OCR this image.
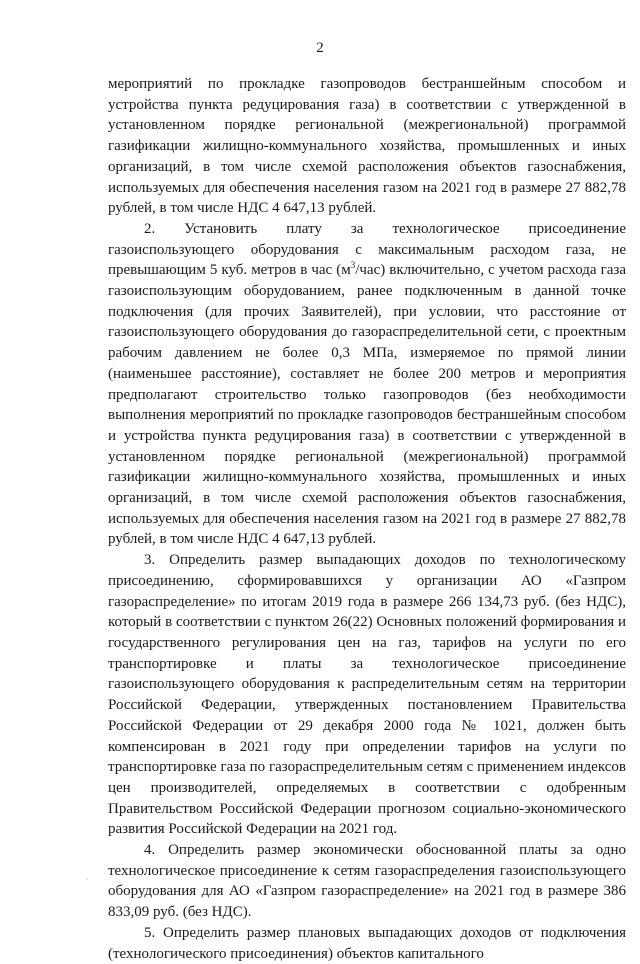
2

мероприятий по прокладке газопроводов бестраншейным способом и устройства пункта редуцирования газа) в соответствии с утвержденной в установленном порядке региональной (межрегиональной) программой газификации жилищно-коммунального хозяйства, промышленных и иных организаций, в том числе схемой расположения объектов газоснабжения, используемых для обеспечения населения газом на 2021 год в размере 27 882,78 рублей, в том числе НДС 4 647,13 рублей.

2. Установить плату за технологическое присоединение газоиспользующего оборудования с максимальным расходом газа, не превышающим 5 куб. метров в час $(м^3/час)$ включительно, с учетом расхода газа газоиспользующим оборудованием, ранее подключенным в данной точке подключения (для прочих Заявителей), при условии, что расстояние от газоиспользующего оборудования до газораспределительной сети, с проектным рабочим давлением не более 0,3 МПа, измеряемое по прямой линии (наименьшее расстояние), составляет не более 200 метров и мероприятия предполагают строительство только газопроводов (без необходимости выполнения мероприятий по прокладке газопроводов бестраншейным способом и устройства пункта редуцирования газа) в соответствии с утвержденной в установленном порядке региональной (межрегиональной) программой газификации жилищно-коммунального хозяйства, промышленных и иных организаций, в том числе схемой расположения объектов газоснабжения, используемых для обеспечения населения газом на 2021 год в размере 27 882,78 рублей, в том числе НДС 4 647,13 рублей.

3. Определить размер выпадающих доходов по технологическому присоединению, сформировавшихся у организации АО «Газпром газораспределение» по итогам 2019 года в размере 266 134,73 руб. (без НДС), который в соответствии с пунктом 26(22) Основных положений формирования и государственного регулирования цен на газ, тарифов на услуги по его транспортировке и платы за технологическое присоединение газоиспользующего оборудования к распределительным сетям на территории Российской Федерации, утвержденных постановлением Правительства Российской Федерации от 29 декабря 2000 года № 1021, должен быть компенсирован в 2021 году при определении тарифов на услуги по транспортировке газа по газораспределительным сетям с применением индексов цен производителей, определяемых в соответствии с одобренным Правительством Российской Федерации прогнозом социально-экономического развития Российской Федерации на 2021 год.

4. Определить размер экономически обоснованной платы за одно технологическое присоединение к сетям газораспределения газоиспользующего оборудования для АО «Газпром газораспределение» на 2021 год в размере 386 833,09 руб. (без НДС).

5. Определить размер плановых выпадающих доходов от подключения (технологического присоединения) объектов капитального
